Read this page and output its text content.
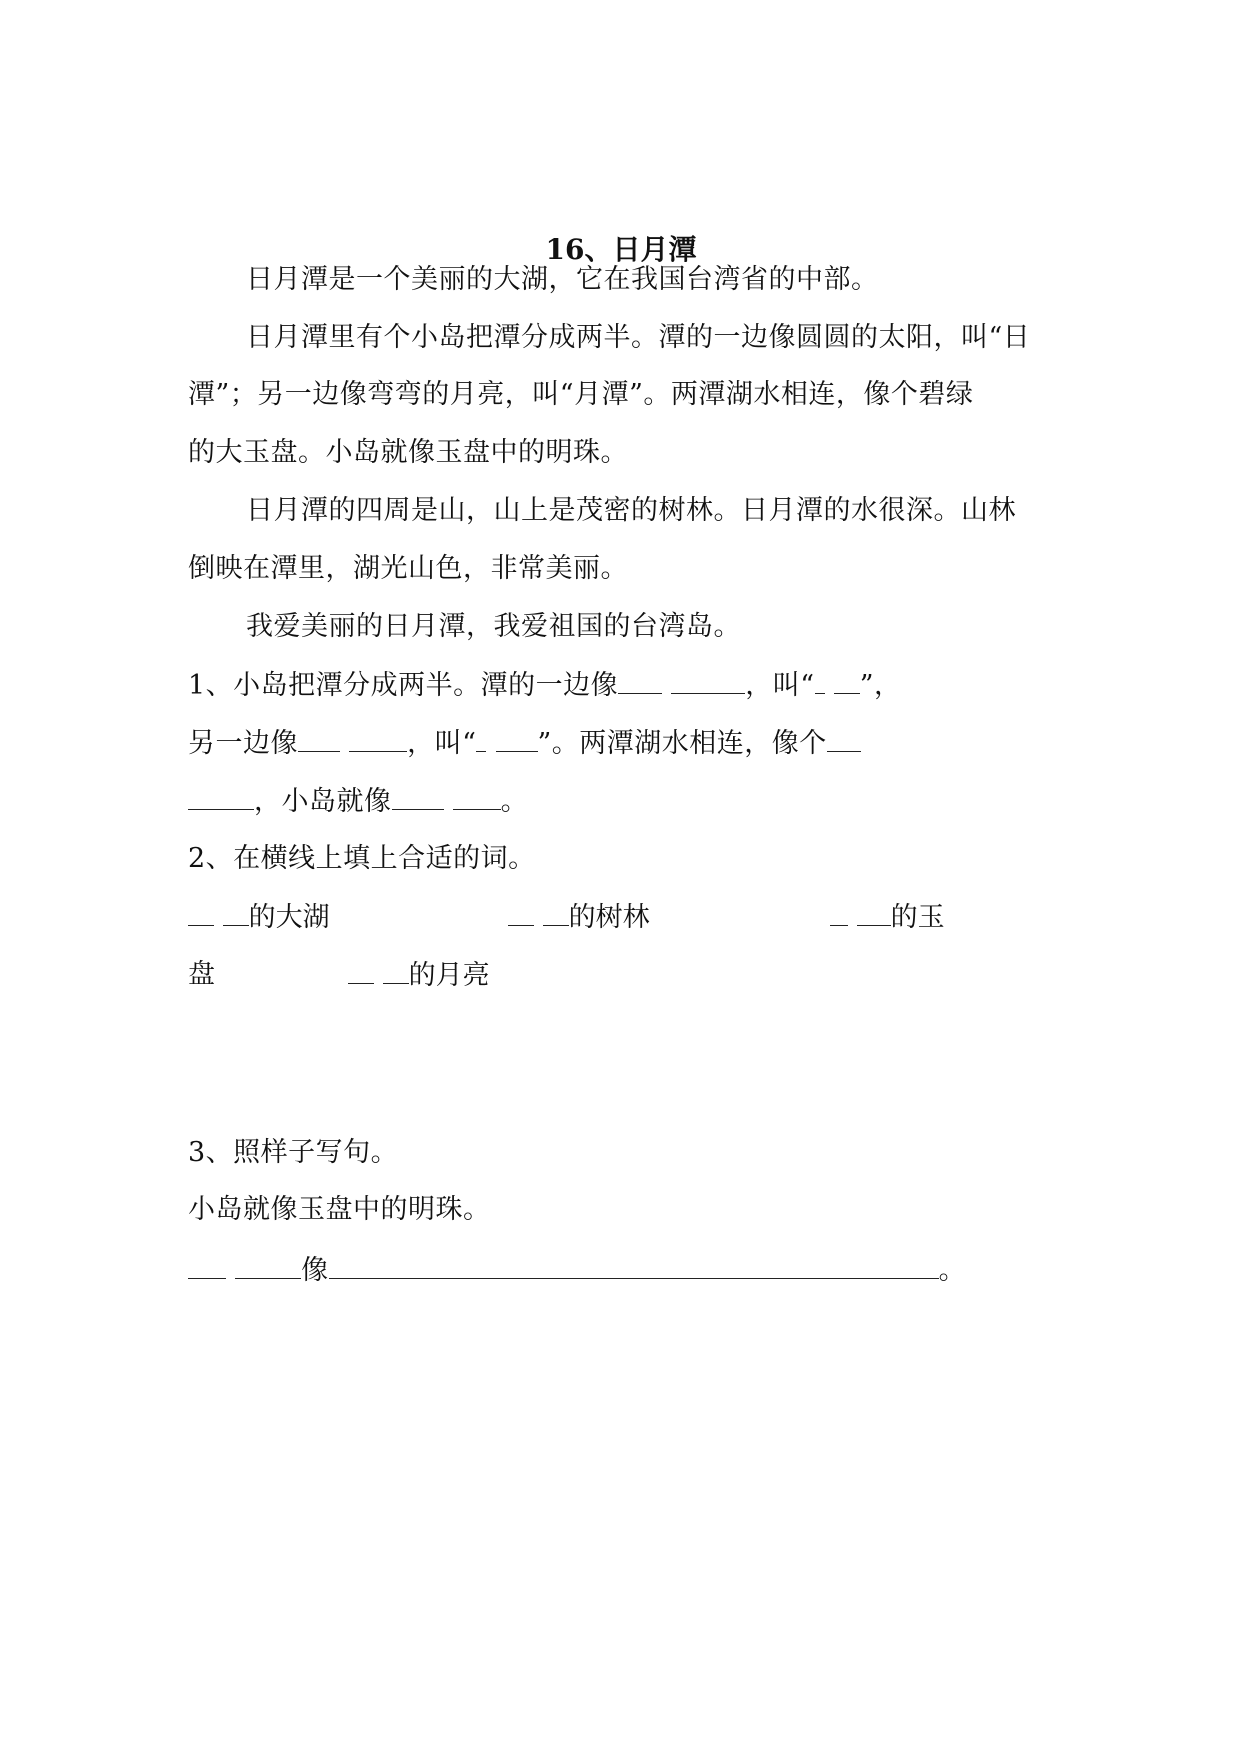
16、日月潭
日月潭是一个美丽的大湖，它在我国台湾省的中部。
日月潭里有个小岛把潭分成两半。潭的一边像圆圆的太阳，叫“日
潭”；另一边像弯弯的月亮，叫“月潭”。两潭湖水相连，像个碧绿
的大玉盘。小岛就像玉盘中的明珠。
日月潭的四周是山，山上是茂密的树林。日月潭的水很深。山林
倒映在潭里，湖光山色，非常美丽。
我爱美丽的日月潭，我爱祖国的台湾岛。
1、小岛把潭分成两半。潭的一边像	，叫“ ”，
另一边像	，叫“ ”。两潭湖水相连，像个
，小岛就像	。
2、在横线上填上合适的词。
的大湖	的树林	的玉
盘	的月亮
3、照样子写句。
小岛就像玉盘中的明珠。
像	。
